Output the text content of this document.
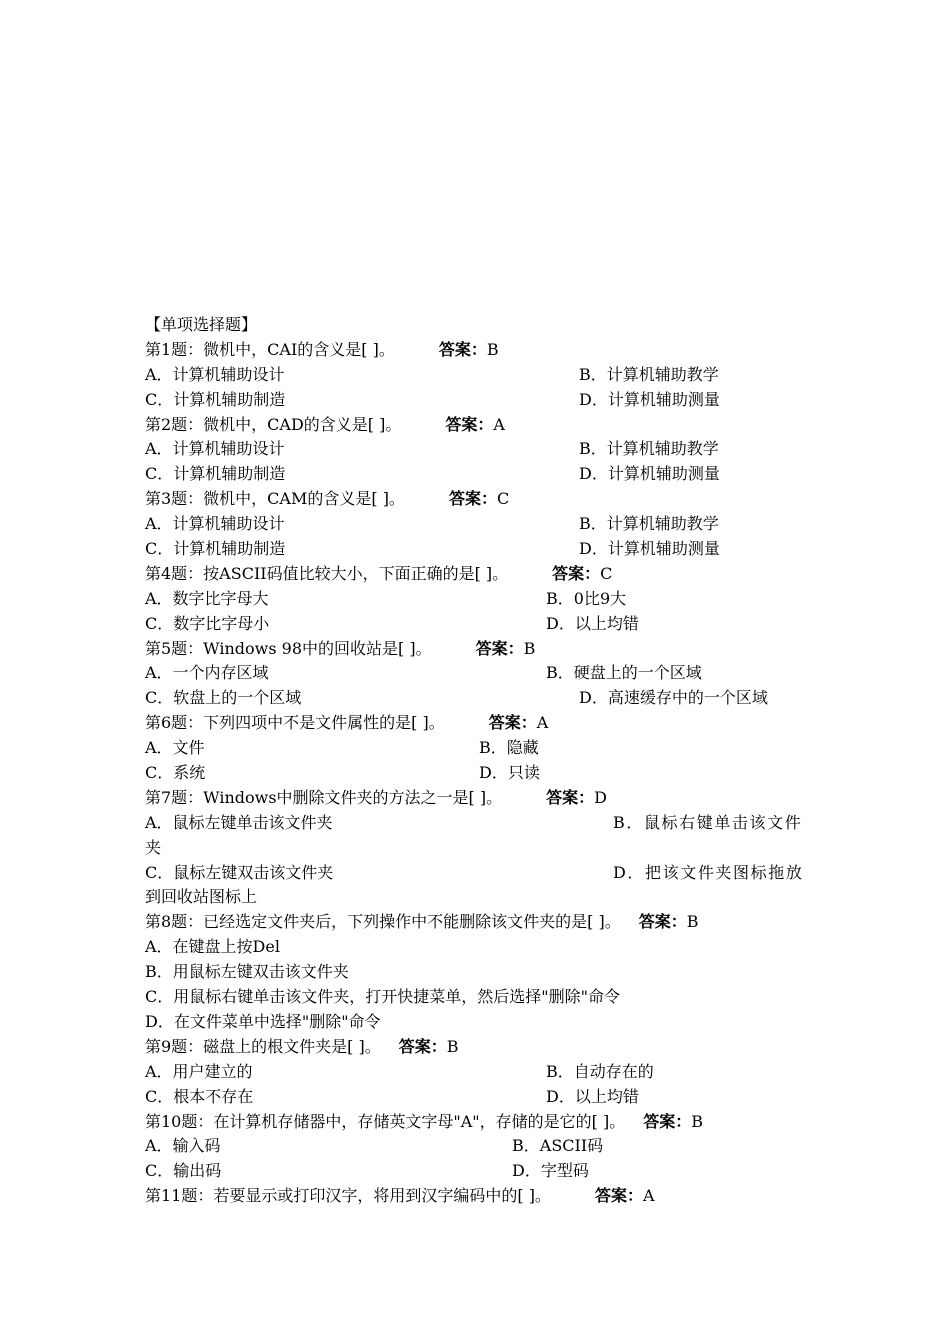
【单项选择题】
第1题：微机中，CAI的含义是[ ]。	答案：B
A．计算机辅助设计	B．计算机辅助教学
C．计算机辅助制造	D．计算机辅助测量
第2题：微机中，CAD的含义是[ ]。	答案：A
A．计算机辅助设计	B．计算机辅助教学
C．计算机辅助制造	D．计算机辅助测量
第3题：微机中，CAM的含义是[ ]。	答案：C
A．计算机辅助设计	B．计算机辅助教学
C．计算机辅助制造	D．计算机辅助测量
第4题：按ASCII码值比较大小，下面正确的是[ ]。	答案：C
A．数字比字母大	B．0比9大
C．数字比字母小	D．以上均错
第5题：Windows 98中的回收站是[ ]。	答案：B
A．一个内存区域	B．硬盘上的一个区域
C．软盘上的一个区域	D．高速缓存中的一个区域
第6题：下列四项中不是文件属性的是[ ]。	答案：A
A．文件	B．隐藏
C．系统	D．只读
第7题：Windows中删除文件夹的方法之一是[ ]。	答案：D
A．鼠标左键单击该文件夹	B．鼠标右键单击该文件
夹
C．鼠标左键双击该文件夹	D．把该文件夹图标拖放
到回收站图标上
第8题：已经选定文件夹后，下列操作中不能删除该文件夹的是[ ]。 答案：B
A．在键盘上按Del
B．用鼠标左键双击该文件夹
C．用鼠标右键单击该文件夹，打开快捷菜单，然后选择"删除"命令
D．在文件菜单中选择"删除"命令
第9题：磁盘上的根文件夹是[ ]。 答案：B
A．用户建立的	B．自动存在的
C．根本不存在	D．以上均错
第10题：在计算机存储器中，存储英文字母"A"，存储的是它的[ ]。 答案：B
A．输入码	B．ASCII码
C．输出码	D．字型码
第11题：若要显示或打印汉字，将用到汉字编码中的[ ]。	答案：A
